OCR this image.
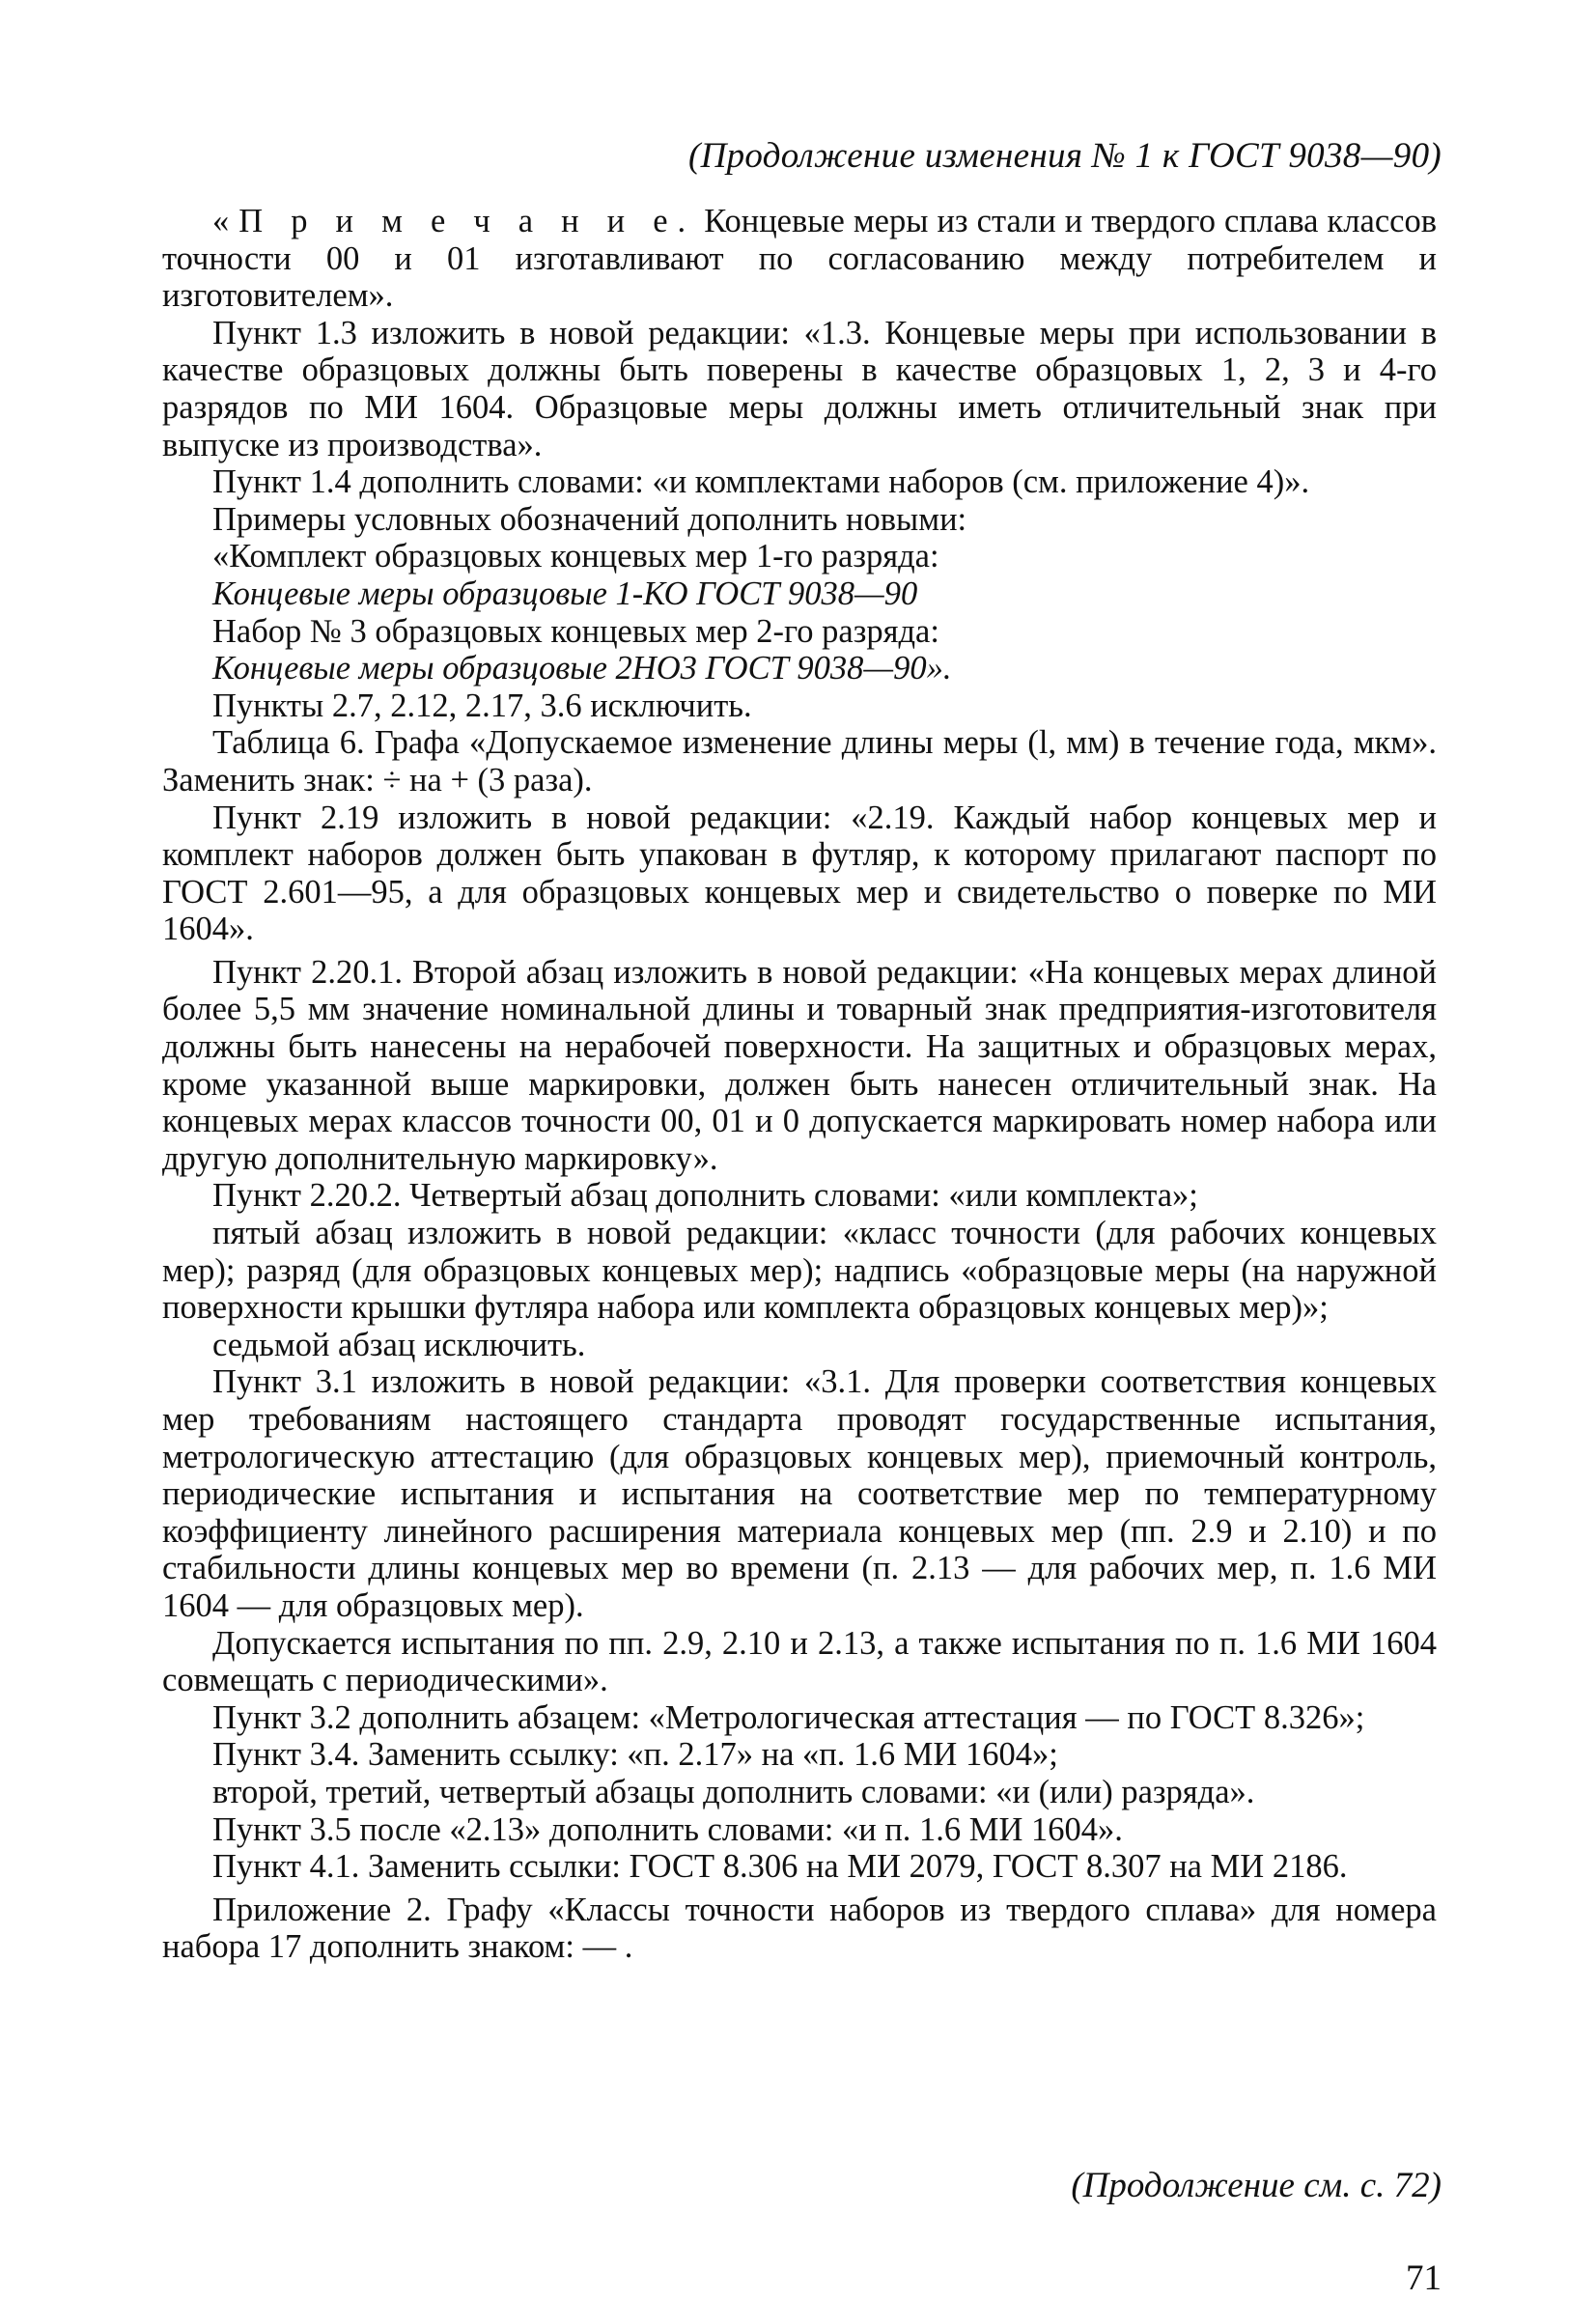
(Продолжение изменения № 1 к ГОСТ 9038—90)

«П р и м е ч а н и е. Концевые меры из стали и твердого сплава классов точности 00 и 01 изготавливают по согласованию между потребителем и изготовителем».

Пункт 1.3 изложить в новой редакции: «1.3. Концевые меры при использовании в качестве образцовых должны быть поверены в качестве образцовых 1, 2, 3 и 4-го разрядов по МИ 1604. Образцовые меры должны иметь отличительный знак при выпуске из производства».

Пункт 1.4 дополнить словами: «и комплектами наборов (см. приложение 4)».

Примеры условных обозначений дополнить новыми:

«Комплект образцовых концевых мер 1-го разряда:

Концевые меры образцовые 1-КО ГОСТ 9038—90

Набор № 3 образцовых концевых мер 2-го разряда:

Концевые меры образцовые 2НО3 ГОСТ 9038—90».

Пункты 2.7, 2.12, 2.17, 3.6 исключить.

Таблица 6. Графа «Допускаемое изменение длины меры (l, мм) в течение года, мкм». Заменить знак: ÷ на + (3 раза).

Пункт 2.19 изложить в новой редакции: «2.19. Каждый набор концевых мер и комплект наборов должен быть упакован в футляр, к которому прилагают паспорт по ГОСТ 2.601—95, а для образцовых концевых мер и свидетельство о поверке по МИ 1604».

Пункт 2.20.1. Второй абзац изложить в новой редакции: «На концевых мерах длиной более 5,5 мм значение номинальной длины и товарный знак предприятия-изготовителя должны быть нанесены на нерабочей поверхности. На защитных и образцовых мерах, кроме указанной выше маркировки, должен быть нанесен отличительный знак. На концевых мерах классов точности 00, 01 и 0 допускается маркировать номер набора или другую дополнительную маркировку».

Пункт 2.20.2. Четвертый абзац дополнить словами: «или комплекта»;

пятый абзац изложить в новой редакции: «класс точности (для рабочих концевых мер); разряд (для образцовых концевых мер); надпись «образцовые меры (на наружной поверхности крышки футляра набора или комплекта образцовых концевых мер)»;

седьмой абзац исключить.

Пункт 3.1 изложить в новой редакции: «3.1. Для проверки соответствия концевых мер требованиям настоящего стандарта проводят государственные испытания, метрологическую аттестацию (для образцовых концевых мер), приемочный контроль, периодические испытания и испытания на соответствие мер по температурному коэффициенту линейного расширения материала концевых мер (пп. 2.9 и 2.10) и по стабильности длины концевых мер во времени (п. 2.13 — для рабочих мер, п. 1.6 МИ 1604 — для образцовых мер).

Допускается испытания по пп. 2.9, 2.10 и 2.13, а также испытания по п. 1.6 МИ 1604 совмещать с периодическими».

Пункт 3.2 дополнить абзацем: «Метрологическая аттестация — по ГОСТ 8.326»;

Пункт 3.4. Заменить ссылку: «п. 2.17» на «п. 1.6 МИ 1604»;

второй, третий, четвертый абзацы дополнить словами: «и (или) разряда».

Пункт 3.5 после «2.13» дополнить словами: «и п. 1.6 МИ 1604».

Пункт 4.1. Заменить ссылки: ГОСТ 8.306 на МИ 2079, ГОСТ 8.307 на МИ 2186.

Приложение 2. Графу «Классы точности наборов из твердого сплава» для номера набора 17 дополнить знаком: — .

(Продолжение см. с. 72)
71
